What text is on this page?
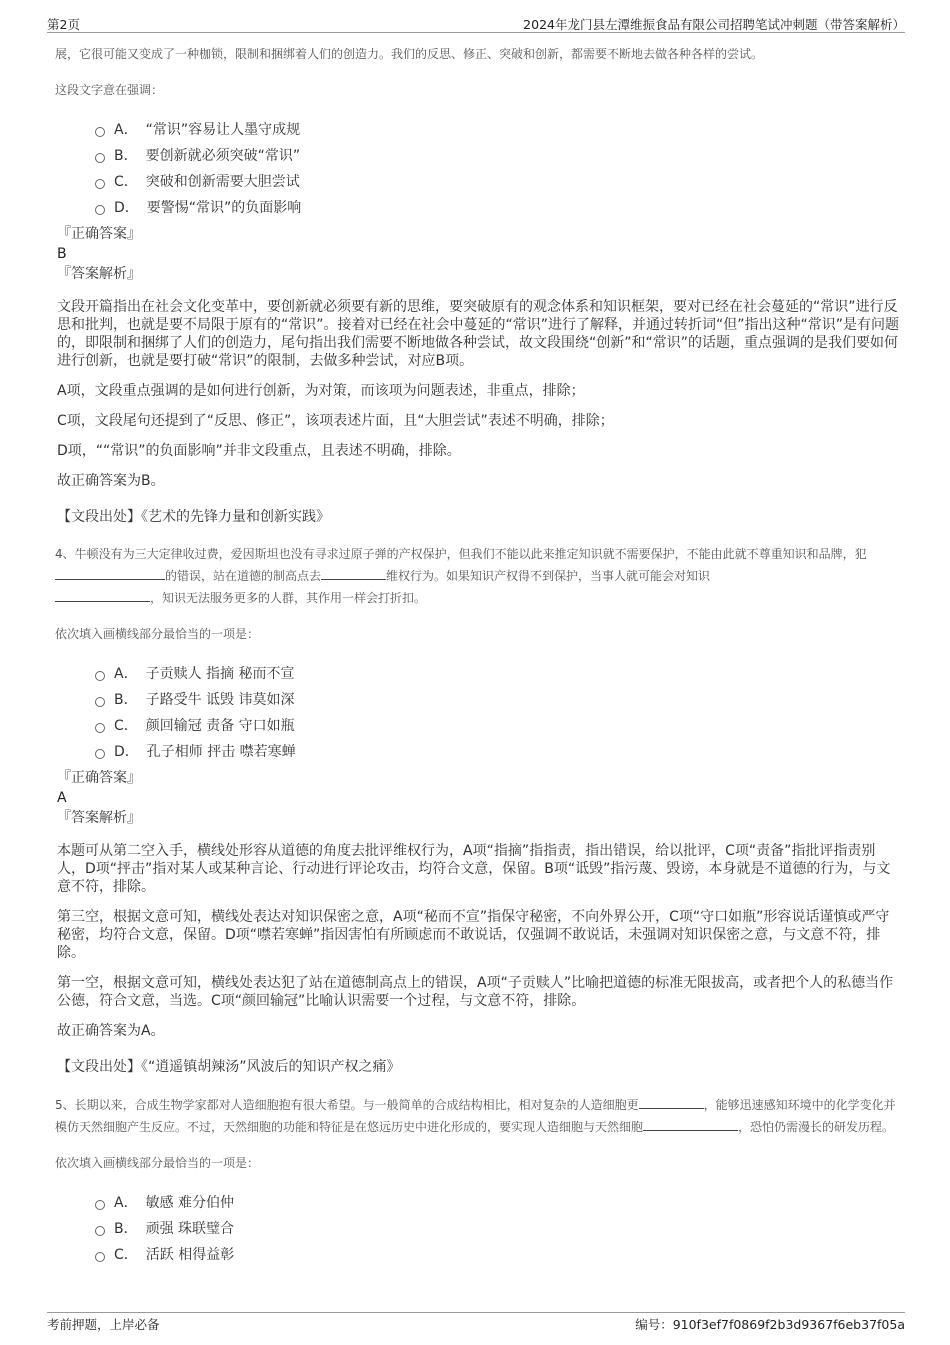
第2页	2024年龙门县左潭维振食品有限公司招聘笔试冲刺题（带答案解析）

展，它很可能又变成了一种枷锁，限制和捆绑着人们的创造力。我们的反思、修正、突破和创新，都需要不断地去做各种各样的尝试。

这段文字意在强调：
A． “常识”容易让人墨守成规
B． 要创新就必须突破“常识”
C． 突破和创新需要大胆尝试
D． 要警惕“常识”的负面影响
『正确答案』
B
『答案解析』

文段开篇指出在社会文化变革中，要创新就必须要有新的思维，要突破原有的观念体系和知识框架，要对已经在社会蔓延的“常识”进行反思和批判，也就是要不局限于原有的“常识”。接着对已经在社会中蔓延的“常识”进行了解释，并通过转折词“但”指出这种“常识”是有问题的，即限制和捆绑了人们的创造力，尾句指出我们需要不断地做各种尝试，故文段围绕“创新”和“常识”的话题，重点强调的是我们要如何进行创新，也就是要打破“常识”的限制，去做多种尝试，对应B项。

A项，文段重点强调的是如何进行创新，为对策，而该项为问题表述，非重点，排除；

C项，文段尾句还提到了“反思、修正”，该项表述片面，且“大胆尝试”表述不明确，排除；

D项，““常识”的负面影响”并非文段重点，且表述不明确，排除。

故正确答案为B。

【文段出处】《艺术的先锋力量和创新实践》

4、牛顿没有为三大定律收过费，爱因斯坦也没有寻求过原子弹的产权保护，但我们不能以此来推定知识就不需要保护，不能由此就不尊重知识和品牌，犯的错误，站在道德的制高点去	维权行为。如果知识产权得不到保护，当事人就可能会对知识
，知识无法服务更多的人群，其作用一样会打折扣。

依次填入画横线部分最恰当的一项是：
A． 子贡赎人 指摘 秘而不宣
B． 子路受牛 诋毁 讳莫如深
C． 颜回输冠 责备 守口如瓶
D． 孔子相师 抨击 噤若寒蝉
『正确答案』
A
『答案解析』

本题可从第二空入手，横线处形容从道德的角度去批评维权行为，A项“指摘”指指责，指出错误，给以批评，C项“责备”指批评指责别人，D项“抨击”指对某人或某种言论、行动进行评论攻击，均符合文意，保留。B项“诋毁”指污蔑、毁谤，本身就是不道德的行为，与文意不符，排除。

第三空，根据文意可知，横线处表达对知识保密之意，A项“秘而不宣”指保守秘密，不向外界公开，C项“守口如瓶”形容说话谨慎或严守秘密，均符合文意，保留。D项“噤若寒蝉”指因害怕有所顾虑而不敢说话，仅强调不敢说话，未强调对知识保密之意，与文意不符，排除。

第一空，根据文意可知，横线处表达犯了站在道德制高点上的错误，A项“子贡赎人”比喻把道德的标准无限拔高，或者把个人的私德当作公德，符合文意，当选。C项“颜回输冠”比喻认识需要一个过程，与文意不符，排除。

故正确答案为A。

【文段出处】《“逍遥镇胡辣汤”风波后的知识产权之痛》

5、长期以来，合成生物学家都对人造细胞抱有很大希望。与一般简单的合成结构相比，相对复杂的人造细胞更	，能够迅速感知环境中的化学变化并模仿天然细胞产生反应。不过，天然细胞的功能和特征是在悠远历史中进化形成的，要实现人造细胞与天然细胞	，恐怕仍需漫长的研发历程。

依次填入画横线部分最恰当的一项是：
A． 敏感 难分伯仲
B． 顽强 珠联璧合
C． 活跃 相得益彰
考前押题，上岸必备	编号：910f3ef7f0869f2b3d9367f6eb37f05a
